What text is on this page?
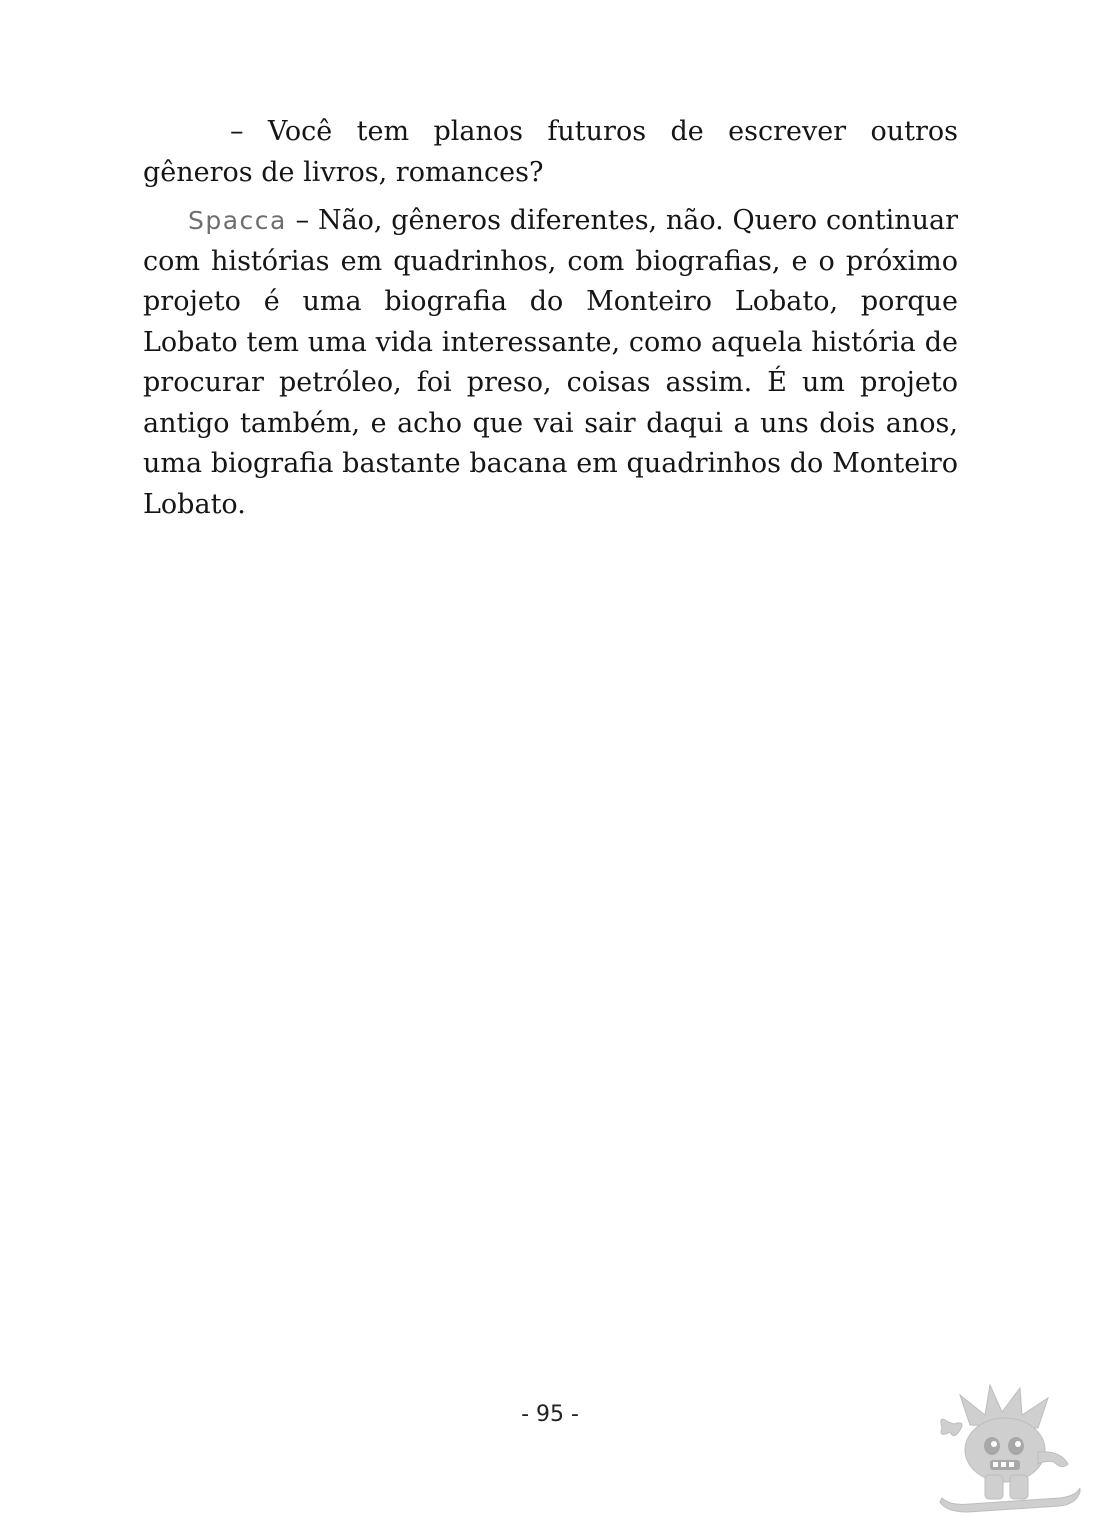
– Você tem planos futuros de escrever outros gêneros de livros, romances?

Spacca – Não, gêneros diferentes, não. Quero continuar com histórias em quadrinhos, com biografias, e o próximo projeto é uma biografia do Monteiro Lobato, porque Lobato tem uma vida interessante, como aquela história de procurar petróleo, foi preso, coisas assim. É um projeto antigo também, e acho que vai sair daqui a uns dois anos, uma biografia bastante bacana em quadrinhos do Monteiro Lobato.

- 95 -
